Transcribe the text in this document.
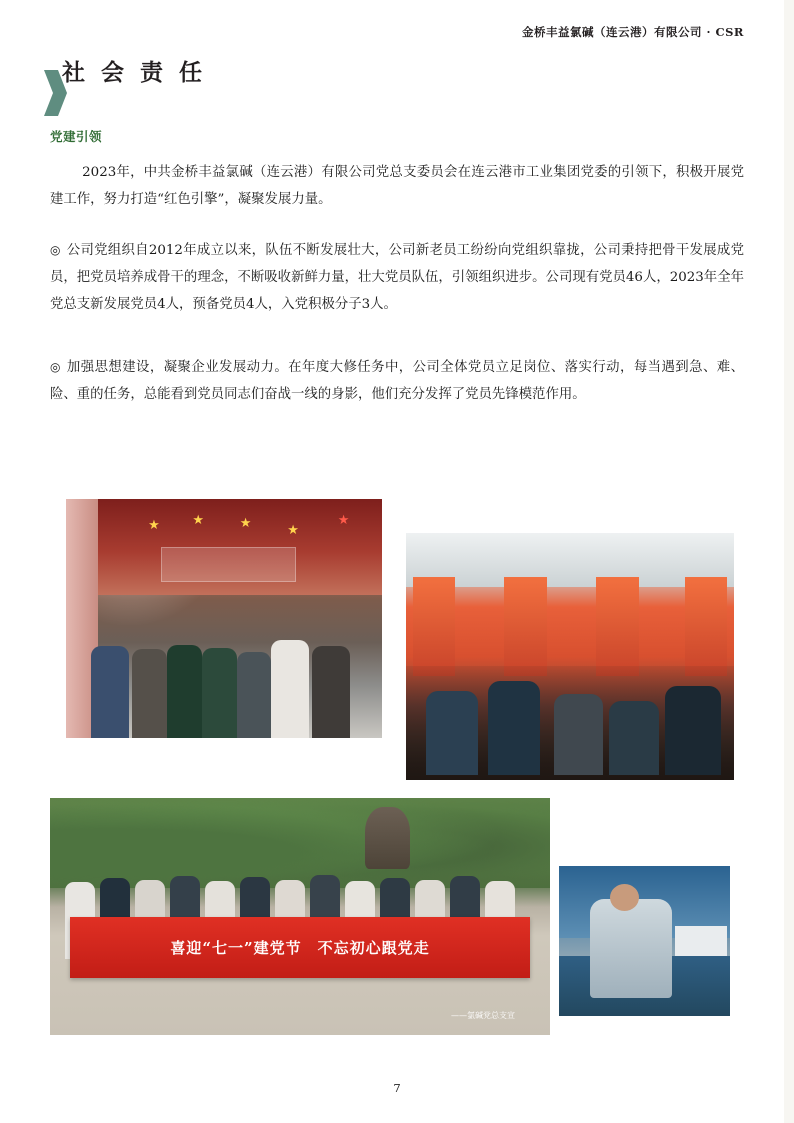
金桥丰益氯碱（连云港）有限公司 · CSR
社 会 责 任
党建引领
2023年，中共金桥丰益氯碱（连云港）有限公司党总支委员会在连云港市工业集团党委的引领下，积极开展党建工作，努力打造“红色引擎”，凝聚发展力量。
◎ 公司党组织自2012年成立以来，队伍不断发展壮大，公司新老员工纷纷向党组织靠拢，公司秉持把骨干发展成党员，把党员培养成骨干的理念，不断吸收新鲜力量，壮大党员队伍，引领组织进步。公司现有党员46人，2023年全年党总支新发展党员4人，预备党员4人，入党积极分子3人。
◎ 加强思想建设，凝聚企业发展动力。在年度大修任务中，公司全体党员立足岗位、落实行动，每当遇到急、难、险、重的任务，总能看到党员同志们奋战一线的身影，他们充分发挥了党员先锋模范作用。
★	★	★	★
★
喜迎“七一”建党节　不忘初心跟党走
——氯碱党总支宣
7
